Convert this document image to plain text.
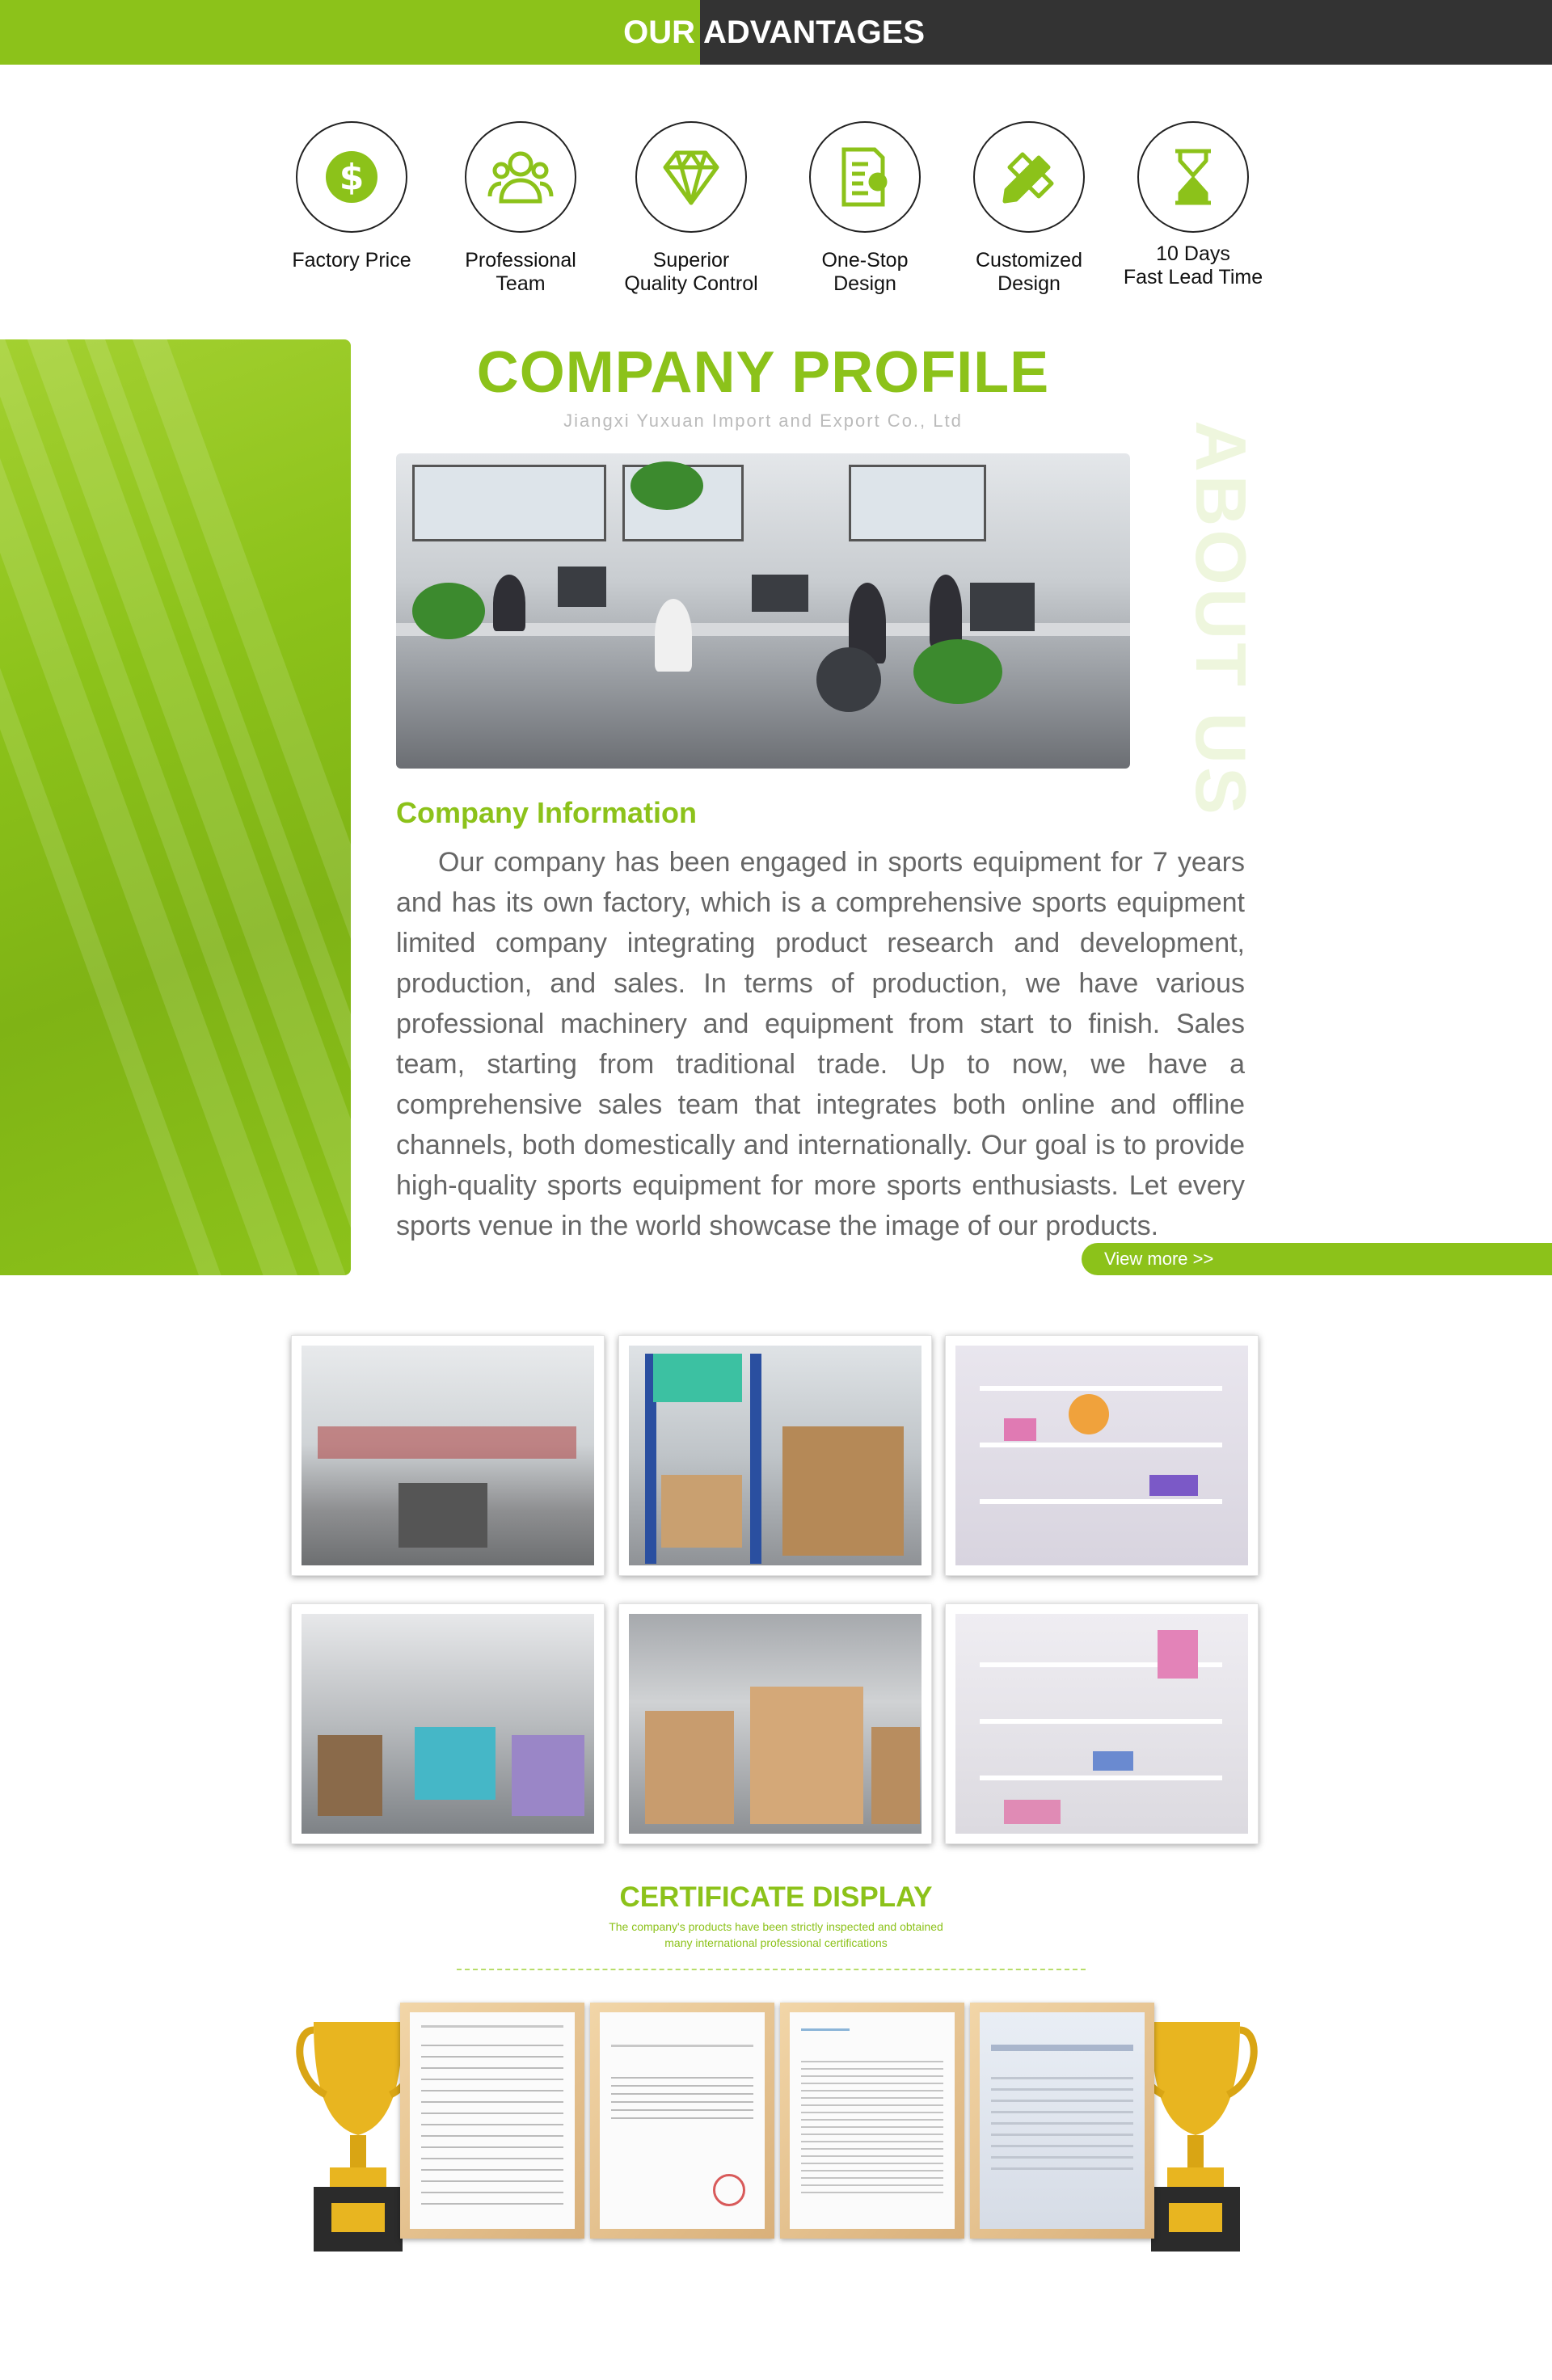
OUR ADVANTAGES
$
Factory Price	Professional
Team
Superior
Quality Control
One-Stop
Design
Customized
Design
10 Days
Fast Lead Time
COMPANY PROFILE
Jiangxi Yuxuan Import and Export Co., Ltd	ABOUT US
Company Information
Our company has been engaged in sports equipment for 7 years and has its own factory, which is a comprehensive sports equipment limited company integrating product research and development, production, and sales. In terms of production, we have various professional machinery and equipment from start to finish. Sales team, starting from traditional trade. Up to now, we have a comprehensive sales team that integrates both online and offline channels, both domestically and internationally. Our goal is to provide high-quality sports equipment for more sports enthusiasts. Let every sports venue in the world showcase the image of our products.
View more >>
CERTIFICATE DISPLAY
The company's products have been strictly inspected and obtained
many international professional certifications
